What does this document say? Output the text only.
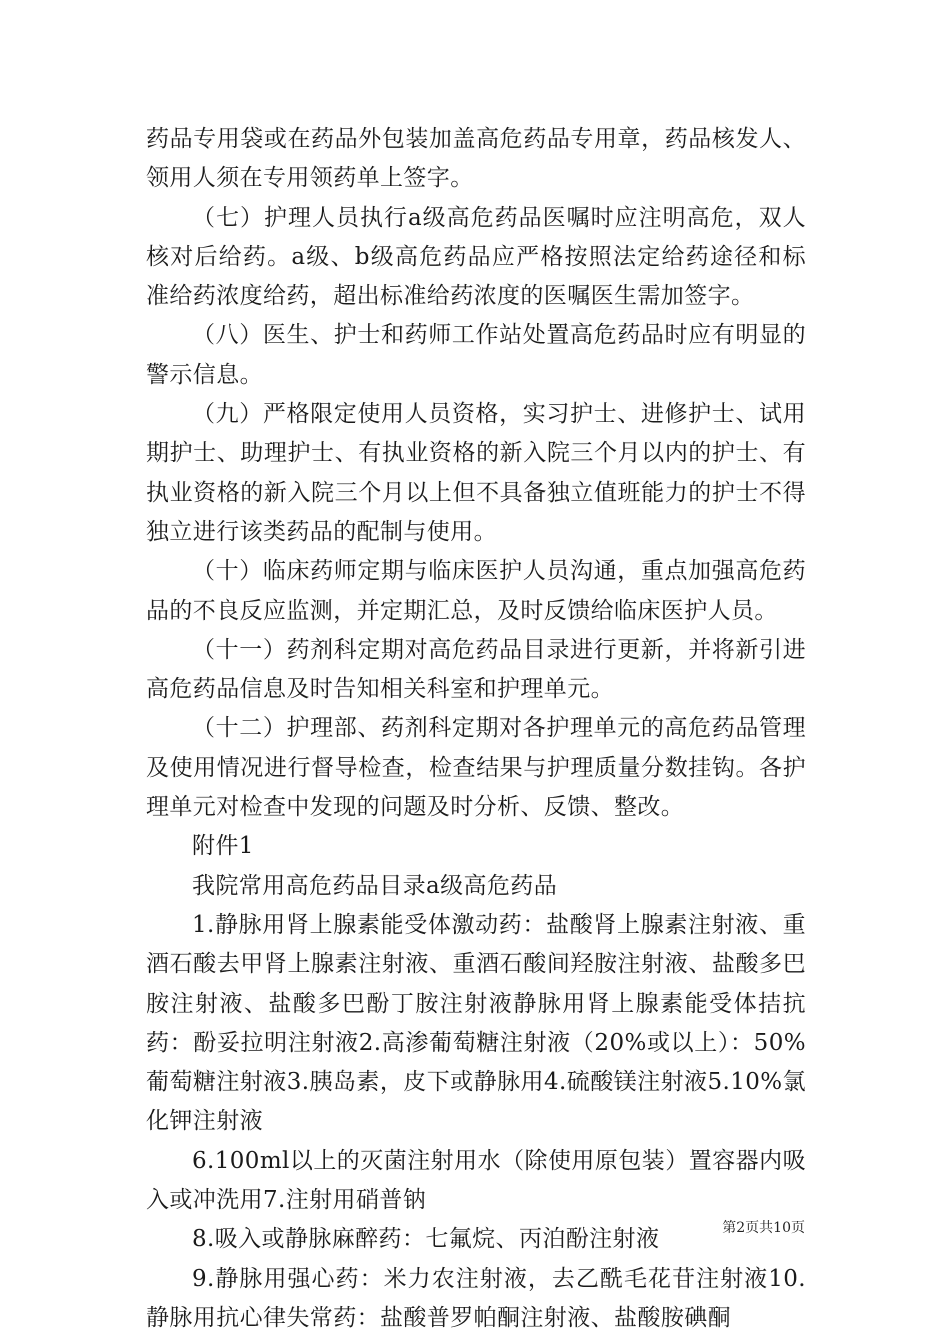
药品专用袋或在药品外包装加盖高危药品专用章，药品核发人、领用人须在专用领药单上签字。

（七）护理人员执行a级高危药品医嘱时应注明高危，双人核对后给药。a级、b级高危药品应严格按照法定给药途径和标准给药浓度给药，超出标准给药浓度的医嘱医生需加签字。

（八）医生、护士和药师工作站处置高危药品时应有明显的警示信息。

（九）严格限定使用人员资格，实习护士、进修护士、试用期护士、助理护士、有执业资格的新入院三个月以内的护士、有执业资格的新入院三个月以上但不具备独立值班能力的护士不得独立进行该类药品的配制与使用。

（十）临床药师定期与临床医护人员沟通，重点加强高危药品的不良反应监测，并定期汇总，及时反馈给临床医护人员。

（十一）药剂科定期对高危药品目录进行更新，并将新引进高危药品信息及时告知相关科室和护理单元。

（十二）护理部、药剂科定期对各护理单元的高危药品管理及使用情况进行督导检查，检查结果与护理质量分数挂钩。各护理单元对检查中发现的问题及时分析、反馈、整改。

附件1

我院常用高危药品目录a级高危药品

1.静脉用肾上腺素能受体激动药：盐酸肾上腺素注射液、重酒石酸去甲肾上腺素注射液、重酒石酸间羟胺注射液、盐酸多巴胺注射液、盐酸多巴酚丁胺注射液静脉用肾上腺素能受体拮抗药：酚妥拉明注射液2.高渗葡萄糖注射液（20%或以上）：50%葡萄糖注射液3.胰岛素，皮下或静脉用4.硫酸镁注射液5.10%氯化钾注射液

6.100ml以上的灭菌注射用水（除使用原包装）置容器内吸入或冲洗用7.注射用硝普钠

8.吸入或静脉麻醉药：七氟烷、丙泊酚注射液

9.静脉用强心药：米力农注射液，去乙酰毛花苷注射液10.静脉用抗心律失常药：盐酸普罗帕酮注射液、盐酸胺碘酮

第2页共10页
